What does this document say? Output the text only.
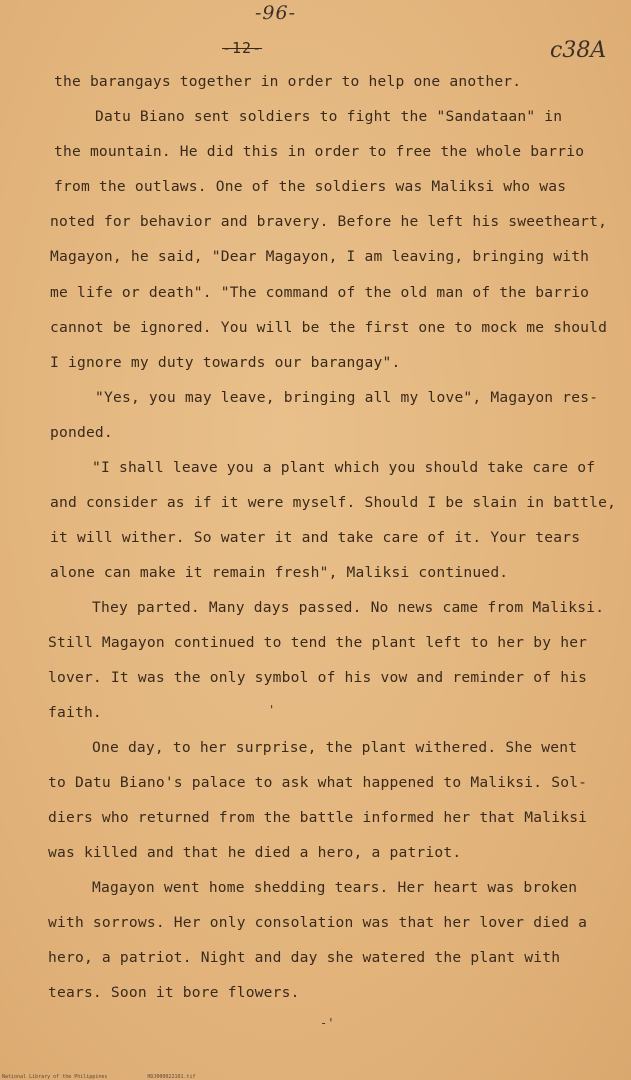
-96-
c38A
-12-
the barangays together in order to help one another.
Datu Biano sent soldiers to fight the "Sandataan" in
the mountain. He did this in order to free the whole barrio
from the outlaws. One of the soldiers was Maliksi who was
noted for behavior and bravery. Before he left his sweetheart,
Magayon, he said, "Dear Magayon, I am leaving, bringing with
me life or death". "The command of the old man of the barrio
cannot be ignored. You will be the first one to mock me should
I ignore my duty towards our barangay".
"Yes, you may leave, bringing all my love", Magayon res-
ponded.
"I shall leave you a plant which you should take care of
and consider as if it were myself. Should I be slain in battle,
it will wither. So water it and take care of it. Your tears
alone can make it remain fresh", Maliksi continued.
They parted. Many days passed. No news came from Maliksi.
Still Magayon continued to tend the plant left to her by her
lover. It was the only symbol of his vow and reminder of his
faith.	'
One day, to her surprise, the plant withered. She went
to Datu Biano's palace to ask what happened to Maliksi. Sol-
diers who returned from the battle informed her that Maliksi
was killed and that he died a hero, a patriot.
Magayon went home shedding tears. Her heart was broken
with sorrows. Her only consolation was that her lover died a
hero, a patriot. Night and day she watered the plant with
tears. Soon it bore flowers.
-'
National Library of the Philippines	HDJ000022101.tif
